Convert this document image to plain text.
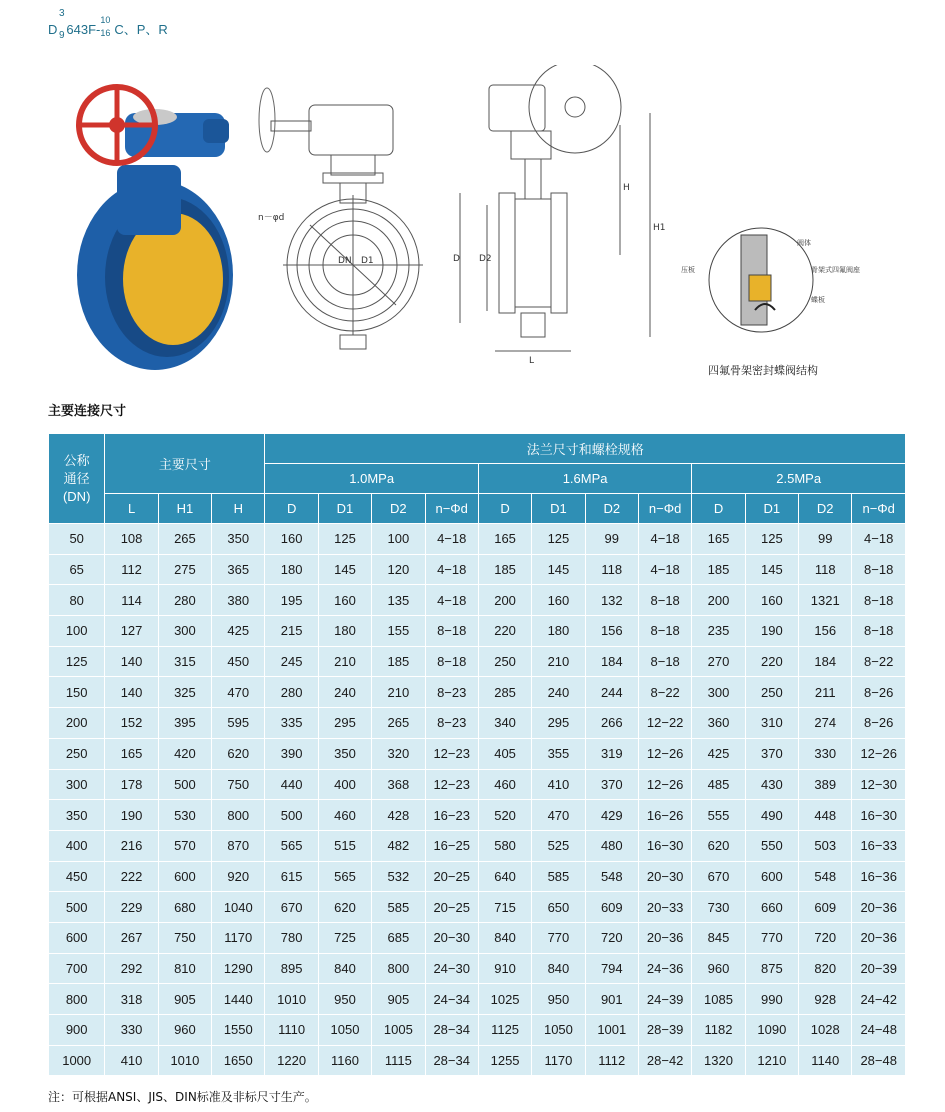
3
D 643F-
10
16 C、P、R
9
n－φd
DN D1	D D2
L
H
H1
阀体
骨架式四氟阀座
压板
蝶板
四氟骨架密封蝶阀结构
主要连接尺寸
公称
通径
(DN)	主要尺寸			法兰尺寸和螺栓规格											
				1.0MPa				1.6MPa				2.5MPa			
	L	H1	H	D	D1	D2	n−Φd	D	D1	D2	n−Φd	D	D1	D2	n−Φd
50	108	265	350	160	125	100	4−18	165	125	99	4−18	165	125	99	4−18
65	112	275	365	180	145	120	4−18	185	145	118	4−18	185	145	118	8−18
80	114	280	380	195	160	135	4−18	200	160	132	8−18	200	160	1321	8−18
100	127	300	425	215	180	155	8−18	220	180	156	8−18	235	190	156	8−18
125	140	315	450	245	210	185	8−18	250	210	184	8−18	270	220	184	8−22
150	140	325	470	280	240	210	8−23	285	240	244	8−22	300	250	211	8−26
200	152	395	595	335	295	265	8−23	340	295	266	12−22	360	310	274	8−26
250	165	420	620	390	350	320	12−23	405	355	319	12−26	425	370	330	12−26
300	178	500	750	440	400	368	12−23	460	410	370	12−26	485	430	389	12−30
350	190	530	800	500	460	428	16−23	520	470	429	16−26	555	490	448	16−30
400	216	570	870	565	515	482	16−25	580	525	480	16−30	620	550	503	16−33
450	222	600	920	615	565	532	20−25	640	585	548	20−30	670	600	548	16−36
500	229	680	1040	670	620	585	20−25	715	650	609	20−33	730	660	609	20−36
600	267	750	1170	780	725	685	20−30	840	770	720	20−36	845	770	720	20−36
700	292	810	1290	895	840	800	24−30	910	840	794	24−36	960	875	820	20−39
800	318	905	1440	1010	950	905	24−34	1025	950	901	24−39	1085	990	928	24−42
900	330	960	1550	1110	1050	1005	28−34	1125	1050	1001	28−39	1182	1090	1028	24−48
1000	410	1010	1650	1220	1160	1115	28−34	1255	1170	1112	28−42	1320	1210	1140	28−48
注：可根据ANSI、JIS、DIN标准及非标尺寸生产。
